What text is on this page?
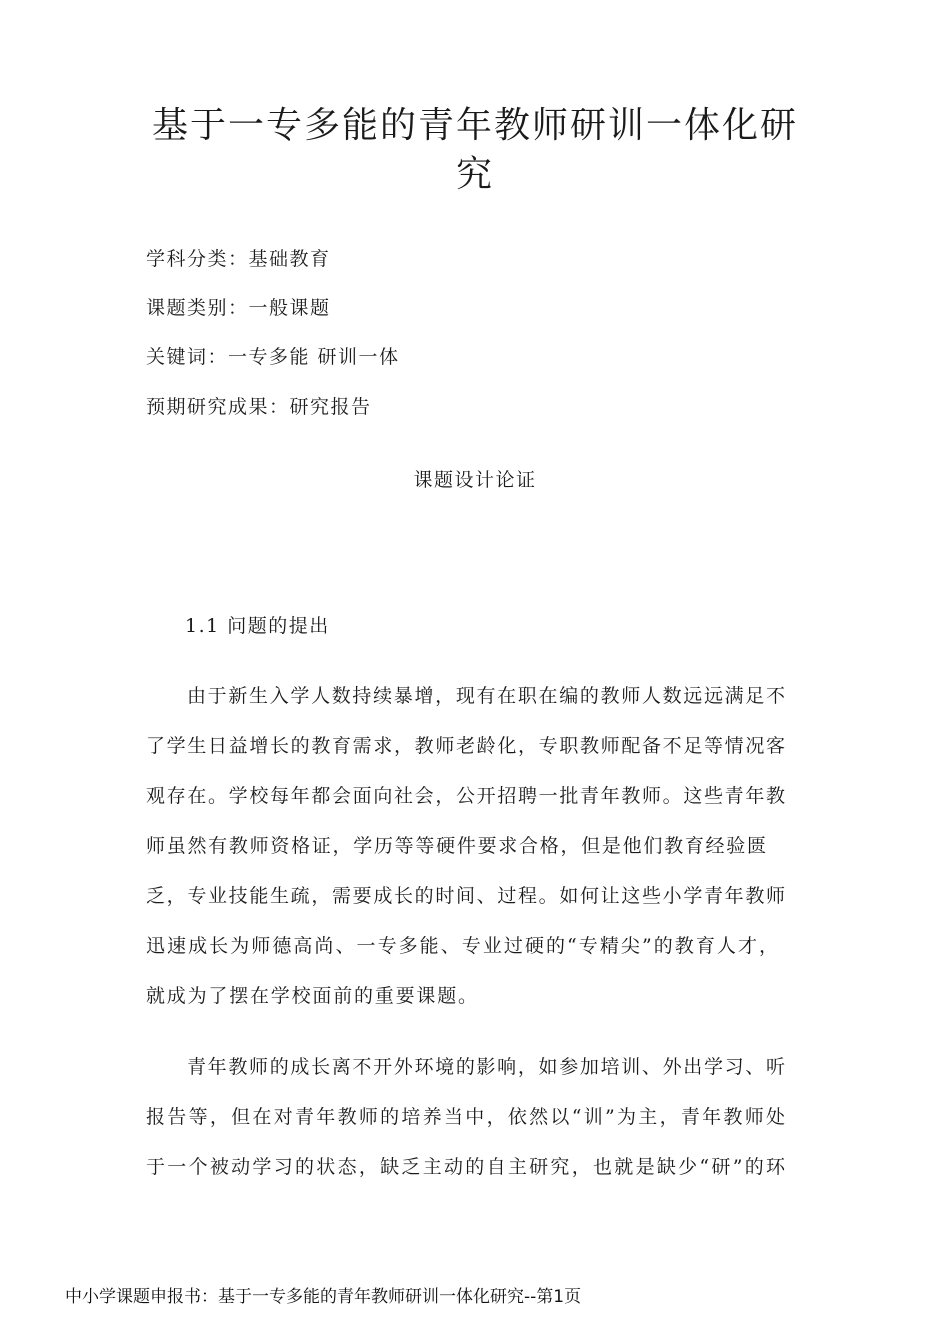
基于一专多能的青年教师研训一体化研
究
学科分类：基础教育
课题类别：一般课题
关键词：一专多能 研训一体
预期研究成果：研究报告
课题设计论证
1.1 问题的提出
由于新生入学人数持续暴增，现有在职在编的教师人数远远满足不
了学生日益增长的教育需求，教师老龄化，专职教师配备不足等情况客
观存在。学校每年都会面向社会，公开招聘一批青年教师。这些青年教
师虽然有教师资格证，学历等等硬件要求合格，但是他们教育经验匮
乏，专业技能生疏，需要成长的时间、过程。如何让这些小学青年教师
迅速成长为师德高尚、一专多能、专业过硬的“专精尖”的教育人才，
就成为了摆在学校面前的重要课题。
青年教师的成长离不开外环境的影响，如参加培训、外出学习、听
报告等，但在对青年教师的培养当中，依然以“训”为主，青年教师处
于一个被动学习的状态，缺乏主动的自主研究，也就是缺少“研”的环
中小学课题申报书：基于一专多能的青年教师研训一体化研究--第1页
